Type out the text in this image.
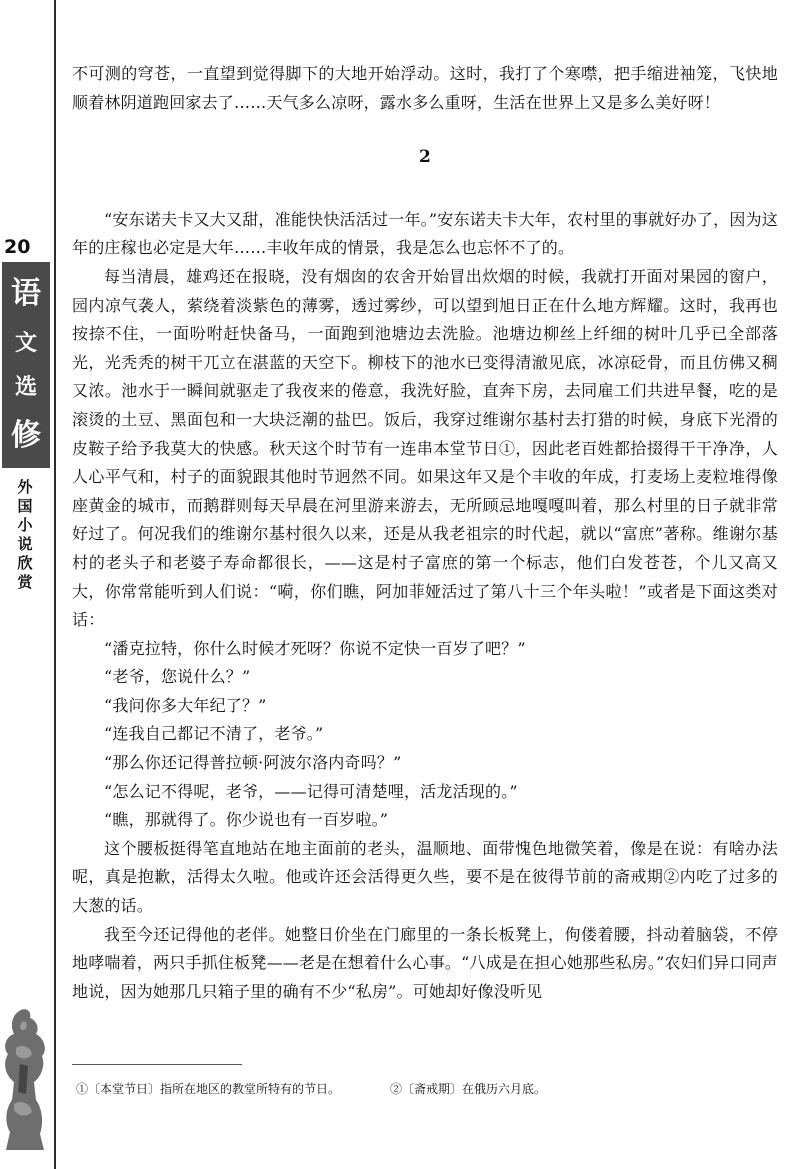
20
语
文
选
修
外
国
小
说
欣
赏

不可测的穹苍，一直望到觉得脚下的大地开始浮动。这时，我打了个寒噤，把手缩进袖笼，飞快地顺着林阴道跑回家去了……天气多么凉呀，露水多么重呀，生活在世界上又是多么美好呀！

2

“安东诺夫卡又大又甜，准能快快活活过一年。”安东诺夫卡大年，农村里的事就好办了，因为这年的庄稼也必定是大年……丰收年成的情景，我是怎么也忘怀不了的。

每当清晨，雄鸡还在报晓，没有烟囱的农舍开始冒出炊烟的时候，我就打开面对果园的窗户，园内凉气袭人，萦绕着淡紫色的薄雾，透过雾纱，可以望到旭日正在什么地方辉耀。这时，我再也按捺不住，一面吩咐赶快备马，一面跑到池塘边去洗脸。池塘边柳丝上纤细的树叶几乎已全部落光，光秃秃的树干兀立在湛蓝的天空下。柳枝下的池水已变得清澈见底，冰凉砭骨，而且仿佛又稠又浓。池水于一瞬间就驱走了我夜来的倦意，我洗好脸，直奔下房，去同雇工们共进早餐，吃的是滚烫的土豆、黑面包和一大块泛潮的盐巴。饭后，我穿过维谢尔基村去打猎的时候，身底下光滑的皮鞍子给予我莫大的快感。秋天这个时节有一连串本堂节日①，因此老百姓都拾掇得干干净净，人人心平气和，村子的面貌跟其他时节迥然不同。如果这年又是个丰收的年成，打麦场上麦粒堆得像座黄金的城市，而鹅群则每天早晨在河里游来游去，无所顾忌地嘎嘎叫着，那么村里的日子就非常好过了。何况我们的维谢尔基村很久以来，还是从我老祖宗的时代起，就以“富庶”著称。维谢尔基村的老头子和老婆子寿命都很长，——这是村子富庶的第一个标志，他们白发苍苍，个儿又高又大，你常常能听到人们说：“嗬，你们瞧，阿加菲娅活过了第八十三个年头啦！”或者是下面这类对话：

“潘克拉特，你什么时候才死呀？你说不定快一百岁了吧？”

“老爷，您说什么？”

“我问你多大年纪了？”

“连我自己都记不清了，老爷。”

“那么你还记得普拉顿·阿波尔洛内奇吗？”

“怎么记不得呢，老爷，——记得可清楚哩，活龙活现的。”

“瞧，那就得了。你少说也有一百岁啦。”

这个腰板挺得笔直地站在地主面前的老头，温顺地、面带愧色地微笑着，像是在说：有啥办法呢，真是抱歉，活得太久啦。他或许还会活得更久些，要不是在彼得节前的斋戒期②内吃了过多的大葱的话。

我至今还记得他的老伴。她整日价坐在门廊里的一条长板凳上，佝偻着腰，抖动着脑袋，不停地哮喘着，两只手抓住板凳——老是在想着什么心事。“八成是在担心她那些私房。”农妇们异口同声地说，因为她那几只箱子里的确有不少“私房”。可她却好像没听见

①〔本堂节日〕指所在地区的教堂所特有的节日。	②〔斋戒期〕在俄历六月底。
